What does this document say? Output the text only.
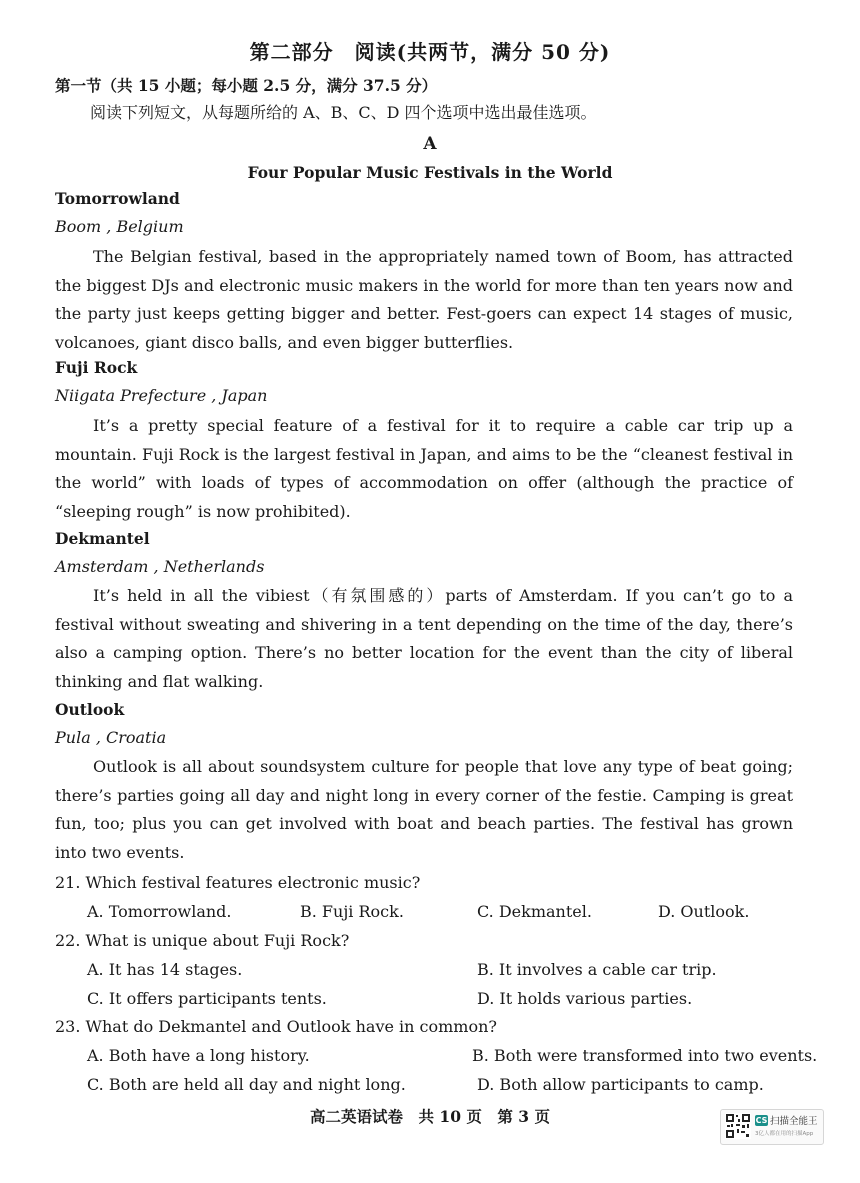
第二部分　阅读(共两节，满分 50 分)
第一节（共 15 小题；每小题 2.5 分，满分 37.5 分）
阅读下列短文，从每题所给的 A、B、C、D 四个选项中选出最佳选项。
A
Four Popular Music Festivals in the World
Tomorrowland
Boom , Belgium
The Belgian festival, based in the appropriately named town of Boom, has attracted the biggest DJs and electronic music makers in the world for more than ten years now and the party just keeps getting bigger and better. Fest-goers can expect 14 stages of music, volcanoes, giant disco balls, and even bigger butterflies.
Fuji Rock
Niigata Prefecture , Japan
It’s a pretty special feature of a festival for it to require a cable car trip up a mountain. Fuji Rock is the largest festival in Japan, and aims to be the “cleanest festival in the world” with loads of types of accommodation on offer (although the practice of “sleeping rough” is now prohibited).
Dekmantel
Amsterdam , Netherlands
It’s held in all the vibiest（有氛围感的）parts of Amsterdam. If you can’t go to a festival without sweating and shivering in a tent depending on the time of the day, there’s also a camping option. There’s no better location for the event than the city of liberal thinking and flat walking.
Outlook
Pula , Croatia
Outlook is all about soundsystem culture for people that love any type of beat going; there’s parties going all day and night long in every corner of the festie. Camping is great fun, too; plus you can get involved with boat and beach parties. The festival has grown into two events.
21. Which festival features electronic music?
A. Tomorrowland.	B. Fuji Rock.	C. Dekmantel.	D. Outlook.
22. What is unique about Fuji Rock?
A. It has 14 stages.	B. It involves a cable car trip.
C. It offers participants tents.	D. It holds various parties.
23. What do Dekmantel and Outlook have in common?
A. Both have a long history.	B. Both were transformed into two events.
C. Both are held all day and night long.	D. Both allow participants to camp.
高二英语试卷　共 10 页　第 3 页	CS 扫描全能王
3亿人都在用的扫描App
